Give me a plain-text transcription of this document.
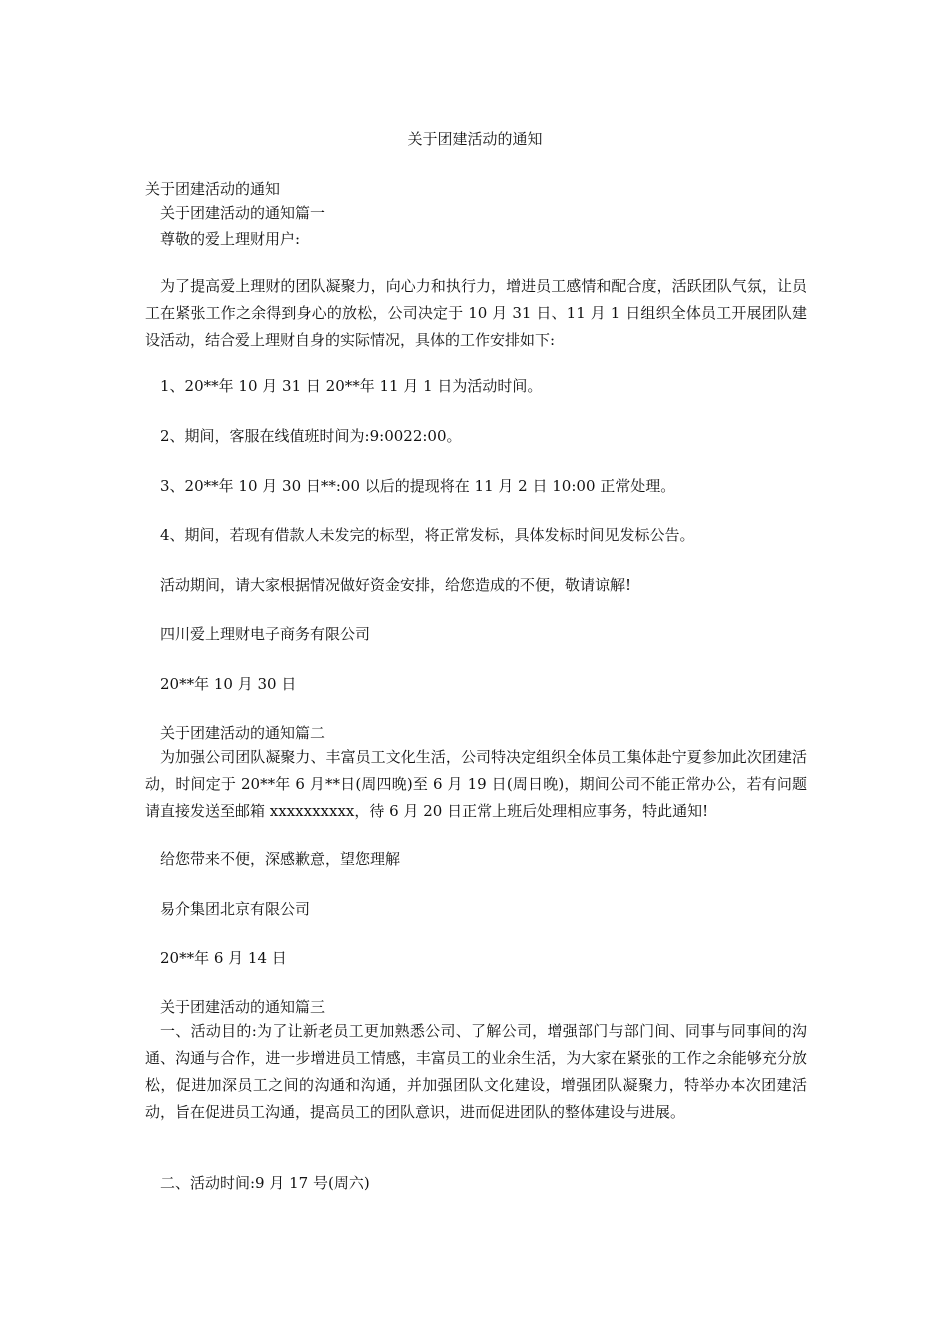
关于团建活动的通知
关于团建活动的通知
关于团建活动的通知篇一
尊敬的爱上理财用户:
为了提高爱上理财的团队凝聚力，向心力和执行力，增进员工感情和配合度，活跃团队气氛，让员工在紧张工作之余得到身心的放松，公司决定于 10 月 31 日、11 月 1 日组织全体员工开展团队建设活动，结合爱上理财自身的实际情况，具体的工作安排如下:
1、20**年 10 月 31 日 20**年 11 月 1 日为活动时间。
2、期间，客服在线值班时间为:9:0022:00。
3、20**年 10 月 30 日**:00 以后的提现将在 11 月 2 日 10:00 正常处理。
4、期间，若现有借款人未发完的标型，将正常发标，具体发标时间见发标公告。
活动期间，请大家根据情况做好资金安排，给您造成的不便，敬请谅解!
四川爱上理财电子商务有限公司
20**年 10 月 30 日
关于团建活动的通知篇二
为加强公司团队凝聚力、丰富员工文化生活，公司特决定组织全体员工集体赴宁夏参加此次团建活动，时间定于 20**年 6 月**日(周四晚)至 6 月 19 日(周日晚)，期间公司不能正常办公，若有问题请直接发送至邮箱 xxxxxxxxxx，待 6 月 20 日正常上班后处理相应事务，特此通知!
给您带来不便，深感歉意，望您理解
易介集团北京有限公司
20**年 6 月 14 日
关于团建活动的通知篇三
一、活动目的:为了让新老员工更加熟悉公司、了解公司，增强部门与部门间、同事与同事间的沟通、沟通与合作，进一步增进员工情感，丰富员工的业余生活，为大家在紧张的工作之余能够充分放松，促进加深员工之间的沟通和沟通，并加强团队文化建设，增强团队凝聚力，特举办本次团建活动，旨在促进员工沟通，提高员工的团队意识，进而促进团队的整体建设与进展。
二、活动时间:9 月 17 号(周六)
